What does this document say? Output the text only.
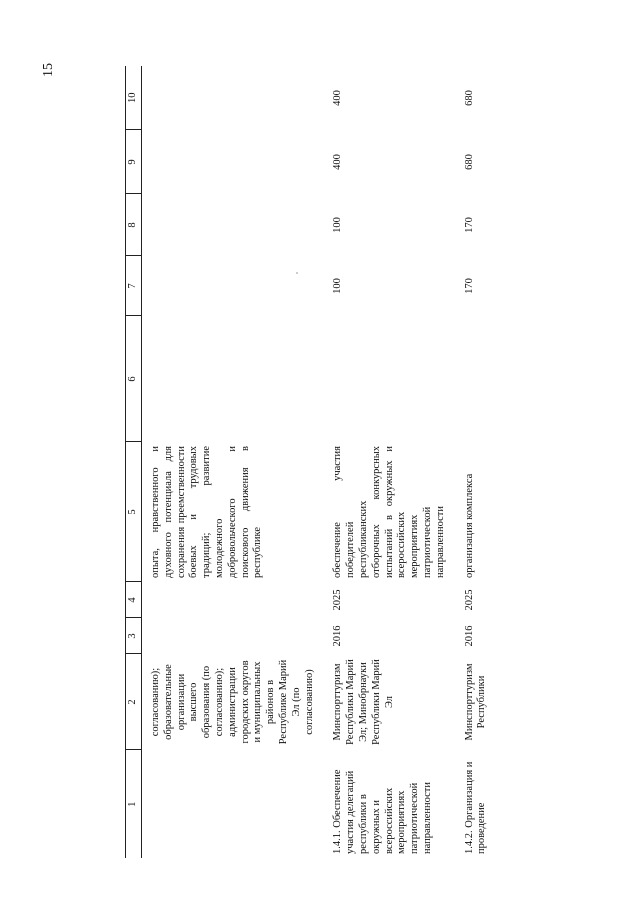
15
1	2	3	4	5	6	7	8	9	10
	согласованию); образовательные организации высшего образования (по согласованию); администрации городских округов и муниципальных районов в Республике Марий Эл (по согласованию)			опыта, нравственного и духовного потенциала для сохранения преемственности боевых и трудовых традиций; развитие молодежного добровольческого и поискового движения в республике					
1.4.1. Обеспечение участия делегаций республики в окружных и всероссийских мероприятиях патриотической направленности	Минспорттуризм Республики Марий Эл; Минобрнауки Республики Марий Эл	2016	2025	обеспечение участия победителей республиканских отборочных конкурсных испытаний в окружных и всероссийских мероприятиях патриотической направленности		100	100	400	400
1.4.2. Организация и проведение	Минспорттуризм Республики	2016	2025	организация комплекса		170	170	680	680
